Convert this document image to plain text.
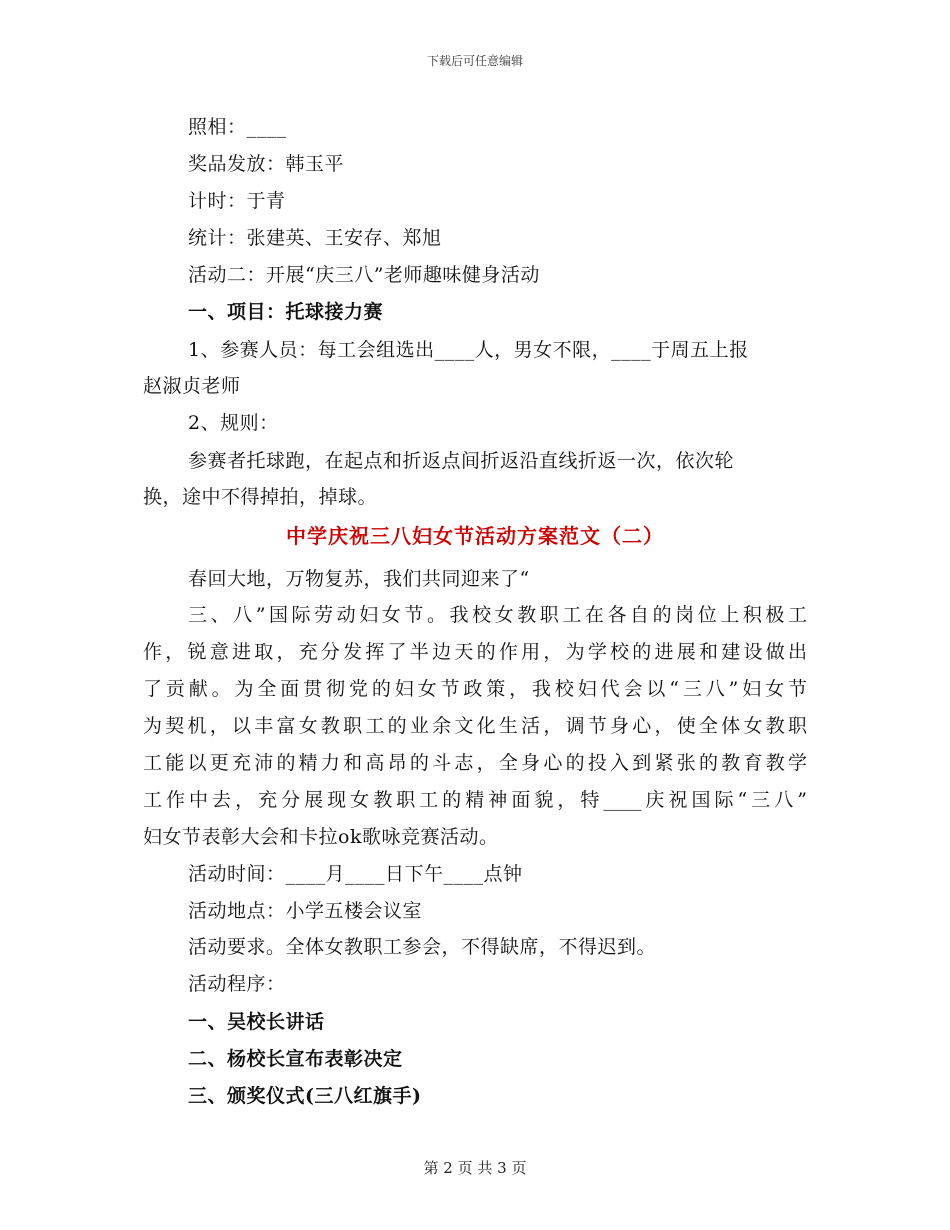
下载后可任意编辑
照相：____
奖品发放：韩玉平
计时：于青
统计：张建英、王安存、郑旭
活动二：开展“庆三八”老师趣味健身活动
一、项目：托球接力赛
1、参赛人员：每工会组选出____人，男女不限，____于周五上报
赵淑贞老师
2、规则：
参赛者托球跑，在起点和折返点间折返沿直线折返一次，依次轮
换，途中不得掉拍，掉球。
中学庆祝三八妇女节活动方案范文（二）
春回大地，万物复苏，我们共同迎来了“
三、八”国际劳动妇女节。我校女教职工在各自的岗位上积极工
作，锐意进取，充分发挥了半边天的作用，为学校的进展和建设做出
了贡献。为全面贯彻党的妇女节政策，我校妇代会以“三八”妇女节
为契机，以丰富女教职工的业余文化生活，调节身心，使全体女教职
工能以更充沛的精力和高昂的斗志，全身心的投入到紧张的教育教学
工作中去，充分展现女教职工的精神面貌，特____庆祝国际“三八”
妇女节表彰大会和卡拉ok歌咏竞赛活动。
活动时间：____月____日下午____点钟
活动地点：小学五楼会议室
活动要求。全体女教职工参会，不得缺席，不得迟到。
活动程序：
一、吴校长讲话
二、杨校长宣布表彰决定
三、颁奖仪式(三八红旗手)
第 2 页 共 3 页
